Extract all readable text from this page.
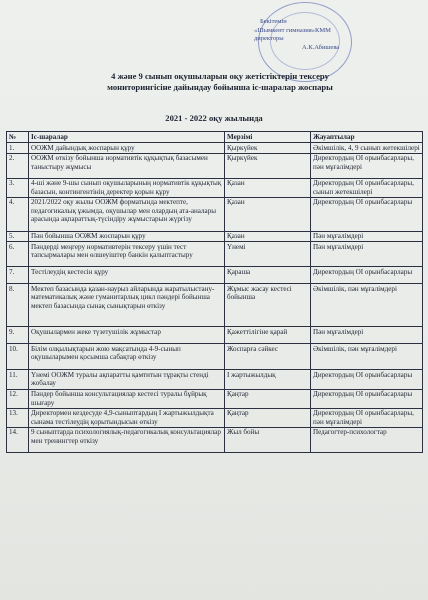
Бекітемін
«Шымкент гимназия»КММ
директоры
А.К.Абишева
4 және 9 сынып оқушыларын оқу жетістіктерін тексеру
мониторингісіне дайындау бойынша іс-шаралар жоспары
2021 - 2022 оқу жылында
№	Іс-шаралар	Мерзімі	Жауаптылар
1.	ООЖМ дайындық жоспарын құру	Қыркүйек	Әкімшілік, 4, 9 сынып жетекшілері
2.	ООЖМ өткізу бойынша нормативтік құқықтық базасымен таныстыру жұмысы	Қыркүйек	Директордың ОІ орынбасарлары, пән мұғалімдері
3.	4-ші және 9-шы сынып оқушыларының нормативтік құқықтық базасын, контингентінің деректер қорын құру	Қазан	Директордың ОІ орынбасарлары, сынып жетекшілері
4.	2021/2022 оқу жылы ООЖМ форматында мектепте, педагогикалық ұжымда, оқушылар мен олардың ата-аналары арасында ақпараттық-түсіндіру жұмыстарын жүргізу	Қазан	Директордың ОІ орынбасарлары
5.	Пән бойынша ООЖМ жоспарын құру	Қазан	Пән мұғалімдері
6.	Пәндерді меңгеру нормативтерін тексеру үшін тест тапсырмалары мен өлшеуіштер банкін қалыптастыру	Үнемі	Пән мұғалімдері
7.	Тестілеудің кестесін құру	Қараша	Директордың ОІ орынбасарлары
8.	Мектеп базасында қазан-наурыз айларында жаратылыстану-математикалық және гуманитарлық цикл пәндері бойынша мектеп базасында сынақ сынықтарын өткізу	Жұмыс жасау кестесі бойынша	Әкімшілік, пән мұғалімдері
9.	Оқушылармен жеке түзетушілік жұмыстар	Қажеттілігіне қарай	Пән мұғалімдері
10.	Білім олқылықтарын жою мақсатында 4-9-сынып оқушыларымен қосымша сабақтар өткізу	Жоспарға сәйкес	Әкімшілік, пән мұғалімдері
11.	Үнемі ООЖМ туралы ақпаратты қамтитын тұрақты стенді жобалау	І жартыжылдық	Директордың ОІ орынбасарлары
12.	Пәндер бойынша консультациялар кестесі туралы бұйрық шығару	Қаңтар	Директордың ОІ орынбасарлары
13.	Директормен кездесуде 4,9-сыныптардың І жартыжылдықта сынама тестілеудің қорытындысын өткізу	Қаңтар	Директордың ОІ орынбасарлары, пән мұғалімдері
14.	9 сыныптарда психологиялық-педагогикалық консультациялар мен тренингтер өткізу	Жыл бойы	Педагогтер-психологтар
